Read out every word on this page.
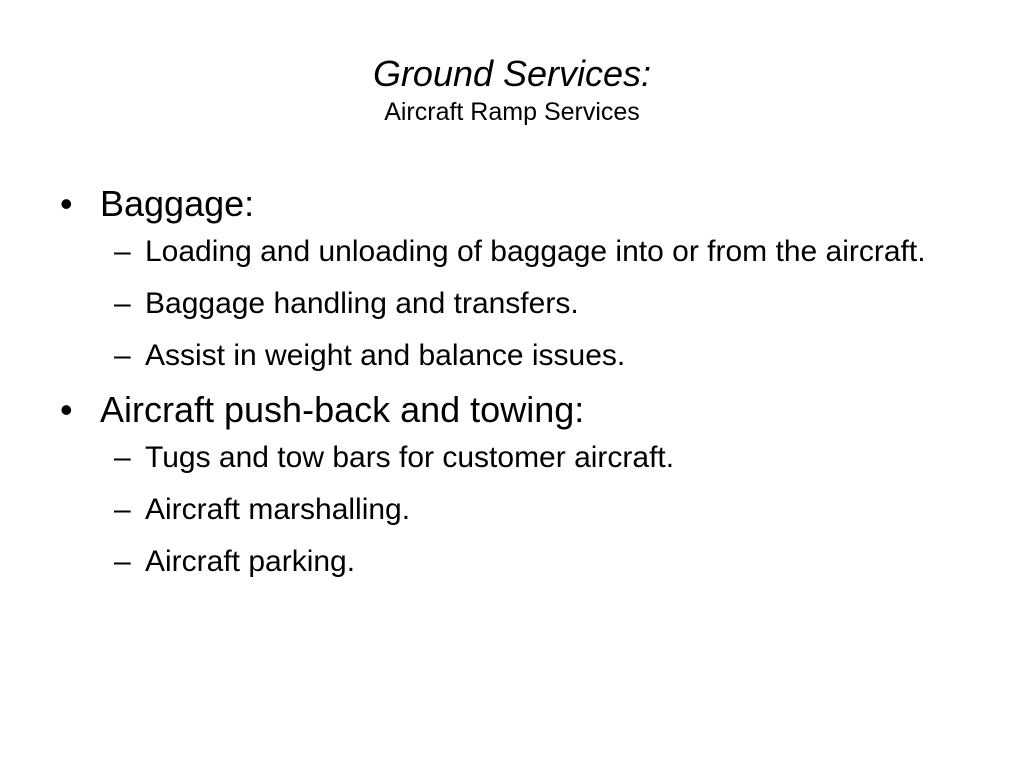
Ground Services:
Aircraft Ramp Services
• Baggage:
– Loading and unloading of baggage into or from the aircraft.
– Baggage handling and transfers.
– Assist in weight and balance issues.
• Aircraft push-back and towing:
– Tugs and tow bars for customer aircraft.
– Aircraft marshalling.
– Aircraft parking.
